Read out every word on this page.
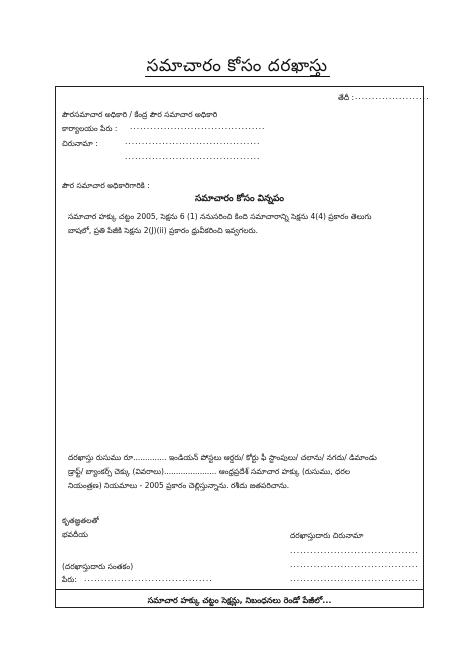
సమాచారం కోసం దరఖాస్తు
తేదీ : ......................
పౌరసమాచార అధికారి / కేంద్ర పౌర సమాచార అధికారి
కార్యాలయం పేరు : ........................................
చిరునామా :	........................................
........................................
పౌర సమాచార అధికారిగారికి :
సమాచారం కోసం విన్నపం
సమాచార హక్కు చట్టం 2005, సెక్షను 6 (1) ననుసరించి కింది సమాచారాన్ని సెక్షను 4(4) ప్రకారం తెలుగు
బాషలో, ప్రతి పేజీకి సెక్షను 2(J)(ii) ప్రకారం ధ్రువీకరించి ఇవ్వగలరు.
దరఖాస్తు రుసుము రూ.............. ఇండియన్ పోస్టలు ఆర్డరు/ కోర్టు ఫీ స్టాంపులు/ చలాను/ నగదు/ డిమాండు
డ్రాఫ్ట్/ బ్యాంకర్స్ చెక్కు (వివరాలు)...................... ఆంధ్రప్రదేశ్ సమాచార హక్కు (రుసుము, ధరల
నియంత్రణ) నియమాలు - 2005 ప్రకారం చెల్లిస్తున్నాను. రశీదు జతపరిచాను.
కృతజ్ఞతలతో
భవదీయ	దరఖాస్తుదారు చిరునామా
......................................
......................................
......................................
(దరఖాస్తుదారు సంతకం)
పేరు: ......................................
సమాచార హక్కు చట్టం సెక్షన్లు, నిబంధనలు రెండో పేజీలో...
